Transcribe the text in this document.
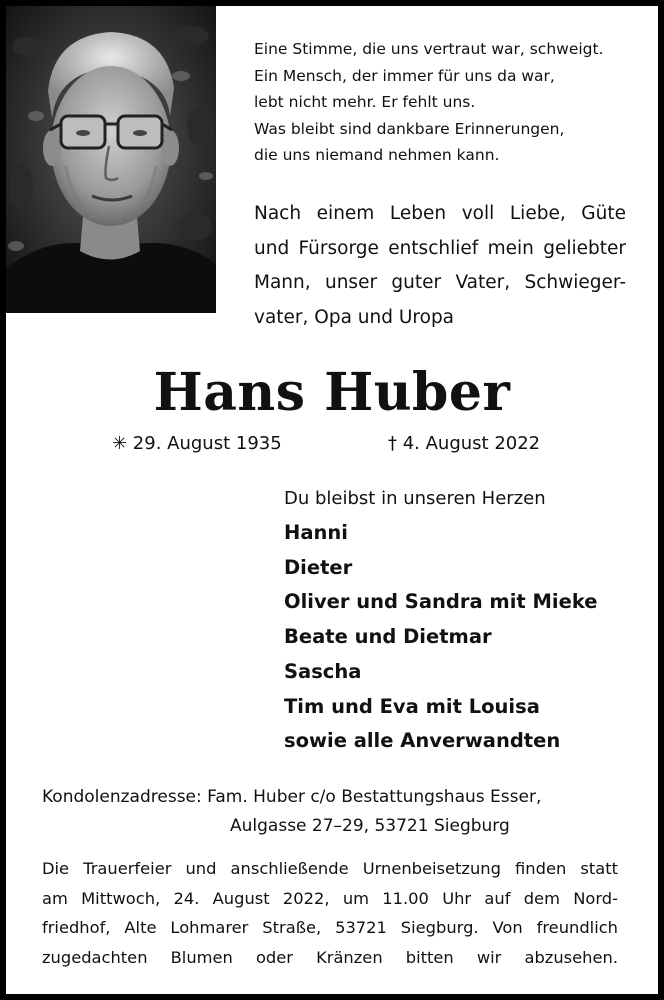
Eine Stimme, die uns vertraut war, schweigt.
Ein Mensch, der immer für uns da war,
lebt nicht mehr. Er fehlt uns.
Was bleibt sind dankbare Erinnerungen,
die uns niemand nehmen kann.
Nach einem Leben voll Liebe, Güte
und Fürsorge entschlief mein geliebter
Mann, unser guter Vater, Schwieger-
vater, Opa und Uropa
Hans Huber
✳ 29. August 1935	† 4. August 2022
Du bleibst in unseren Herzen
Hanni
Dieter
Oliver und Sandra mit Mieke
Beate und Dietmar
Sascha
Tim und Eva mit Louisa
sowie alle Anverwandten
Kondolenzadresse: Fam. Huber c/o Bestattungshaus Esser,
Aulgasse 27–29, 53721 Siegburg
Die Trauerfeier und anschließende Urnenbeisetzung finden statt
am Mittwoch, 24. August 2022, um 11.00 Uhr auf dem Nord-
friedhof, Alte Lohmarer Straße, 53721 Siegburg. Von freundlich
zugedachten Blumen oder Kränzen bitten wir abzusehen.
